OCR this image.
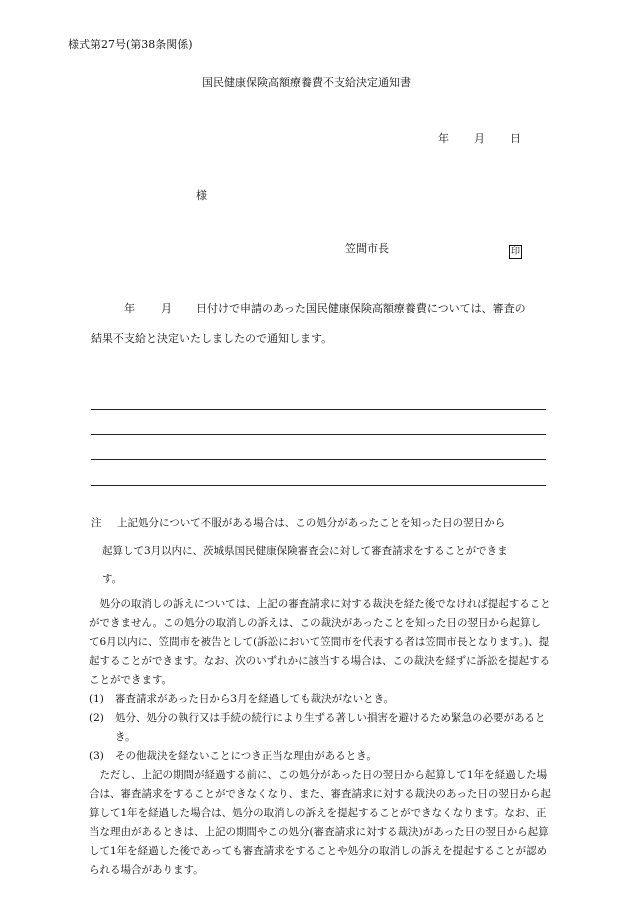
様式第27号(第38条関係)
国民健康保険高額療養費不支給決定通知書
年 月 日
様
笠間市長	印
年 月 日付けで申請のあった国民健康保険高額療養費については、審査の
結果不支給と決定いたしましたので通知します。
注 上記処分について不服がある場合は、この処分があったことを知った日の翌日から
起算して3月以内に、茨城県国民健康保険審査会に対して審査請求をすることができま
す。

処分の取消しの訴えについては、上記の審査請求に対する裁決を経た後でなければ提起することができません。この処分の取消しの訴えは、この裁決があったことを知った日の翌日から起算して6月以内に、笠間市を被告として(訴訟において笠間市を代表する者は笠間市長となります。)、提起することができます。なお、次のいずれかに該当する場合は、この裁決を経ずに訴訟を提起することができます。

(1)	審査請求があった日から3月を経過しても裁決がないとき。
(2)	処分、処分の執行又は手続の続行により生ずる著しい損害を避けるため緊急の必要があるとき。
(3)	その他裁決を経ないことにつき正当な理由があるとき。

ただし、上記の期間が経過する前に、この処分があった日の翌日から起算して1年を経過した場合は、審査請求をすることができなくなり、また、審査請求に対する裁決のあった日の翌日から起算して1年を経過した場合は、処分の取消しの訴えを提起することができなくなります。なお、正当な理由があるときは、上記の期間やこの処分(審査請求に対する裁決)があった日の翌日から起算して1年を経過した後であっても審査請求をすることや処分の取消しの訴えを提起することが認められる場合があります。
